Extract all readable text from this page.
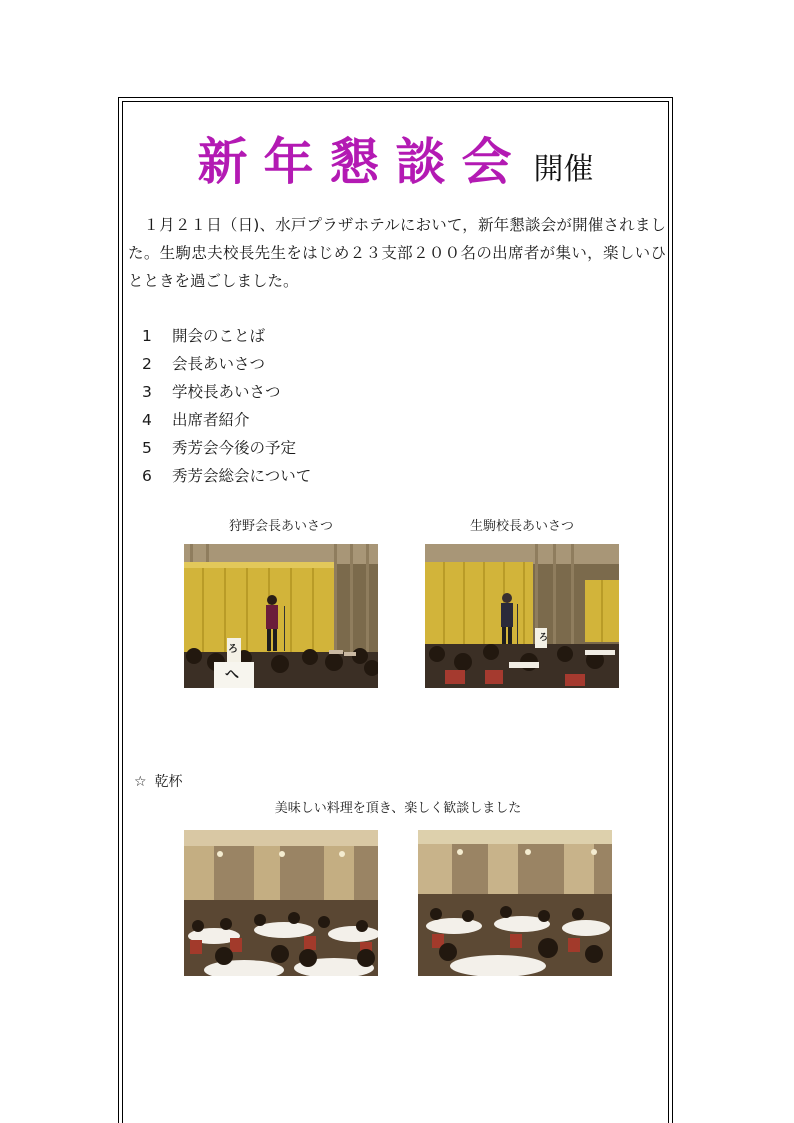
新年懇談会 開催

１月２１日（日)、水戸プラザホテルにおいて，新年懇談会が開催されました。生駒忠夫校長先生をはじめ２３支部２００名の出席者が集い，楽しいひとときを過ごしました。

1	開会のことば
2	会長あいさつ
3	学校長あいさつ
4	出席者紹介
5	秀芳会今後の予定
6	秀芳会総会について
狩野会長あいさつ	生駒校長あいさつ
ろ
へ
ろ
☆ 乾杯
美味しい料理を頂き、楽しく歓談しました
